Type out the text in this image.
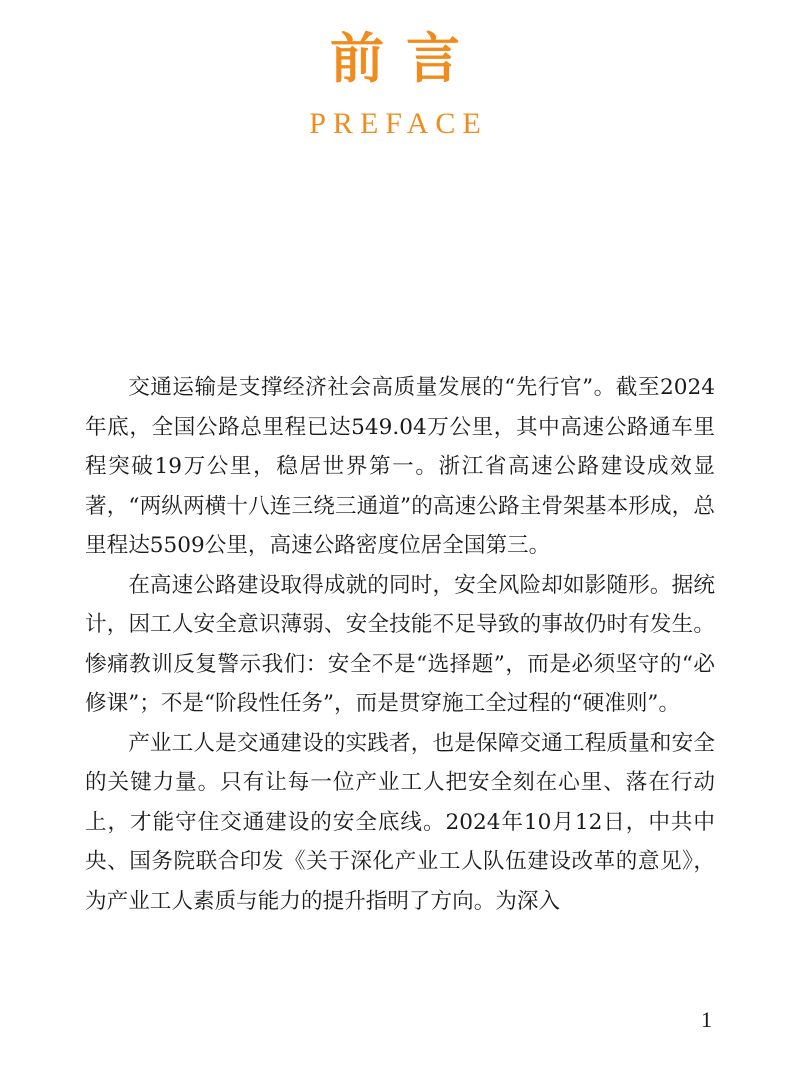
前言
PREFACE

交通运输是支撑经济社会高质量发展的“先行官”。截至2024年底，全国公路总里程已达549.04万公里，其中高速公路通车里程突破19万公里，稳居世界第一。浙江省高速公路建设成效显著，“两纵两横十八连三绕三通道”的高速公路主骨架基本形成，总里程达5509公里，高速公路密度位居全国第三。

在高速公路建设取得成就的同时，安全风险却如影随形。据统计，因工人安全意识薄弱、安全技能不足导致的事故仍时有发生。惨痛教训反复警示我们：安全不是“选择题”，而是必须坚守的“必修课”；不是“阶段性任务”，而是贯穿施工全过程的“硬准则”。

产业工人是交通建设的实践者，也是保障交通工程质量和安全的关键力量。只有让每一位产业工人把安全刻在心里、落在行动上，才能守住交通建设的安全底线。2024年10月12日，中共中央、国务院联合印发《关于深化产业工人队伍建设改革的意见》，为产业工人素质与能力的提升指明了方向。为深入

1
